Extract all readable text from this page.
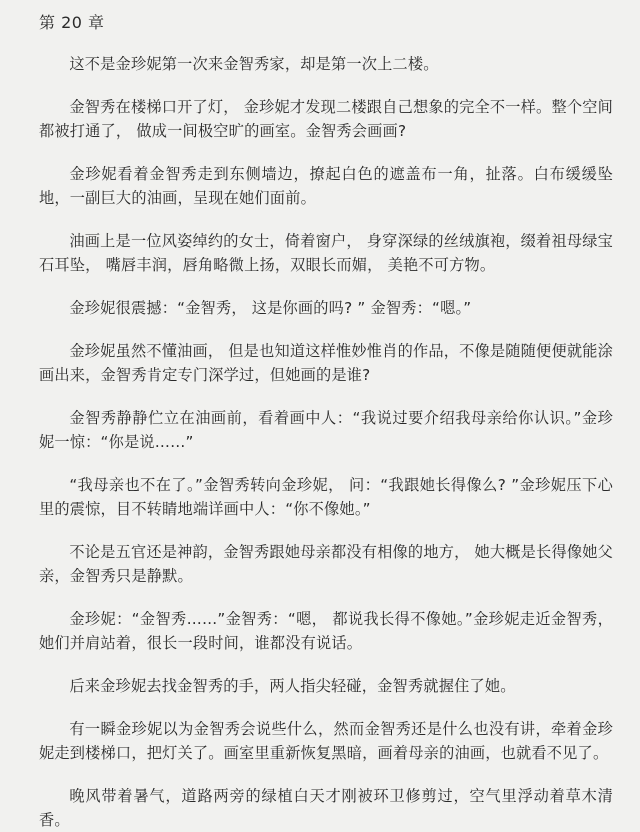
第 20 章

这不是金珍妮第一次来金智秀家，却是第一次上二楼。

金智秀在楼梯口开了灯， 金珍妮才发现二楼跟自己想象的完全不一样。整个空间都被打通了， 做成一间极空旷的画室。金智秀会画画?

金珍妮看着金智秀走到东侧墙边，撩起白色的遮盖布一角，扯落。白布缓缓坠地，一副巨大的油画，呈现在她们面前。

油画上是一位风姿绰约的女士，倚着窗户， 身穿深绿的丝绒旗袍，缀着祖母绿宝石耳坠， 嘴唇丰润，唇角略微上扬，双眼长而媚， 美艳不可方物。

金珍妮很震撼：“金智秀， 这是你画的吗? ” 金智秀：“嗯。”

金珍妮虽然不懂油画， 但是也知道这样惟妙惟肖的作品，不像是随随便便就能涂画出来，金智秀肯定专门深学过，但她画的是谁?

金智秀静静伫立在油画前，看着画中人：“我说过要介绍我母亲给你认识。”金珍妮一惊：“你是说……”

“我母亲也不在了。”金智秀转向金珍妮， 问：“我跟她长得像么? ”金珍妮压下心里的震惊，目不转睛地端详画中人：“你不像她。”

不论是五官还是神韵，金智秀跟她母亲都没有相像的地方， 她大概是长得像她父亲，金智秀只是静默。

金珍妮：“金智秀……”金智秀：“嗯， 都说我长得不像她。”金珍妮走近金智秀， 她们并肩站着，很长一段时间，谁都没有说话。

后来金珍妮去找金智秀的手，两人指尖轻碰，金智秀就握住了她。

有一瞬金珍妮以为金智秀会说些什么，然而金智秀还是什么也没有讲，牵着金珍妮走到楼梯口，把灯关了。画室里重新恢复黑暗，画着母亲的油画，也就看不见了。

晚风带着暑气，道路两旁的绿植白天才刚被环卫修剪过，空气里浮动着草木清香。
